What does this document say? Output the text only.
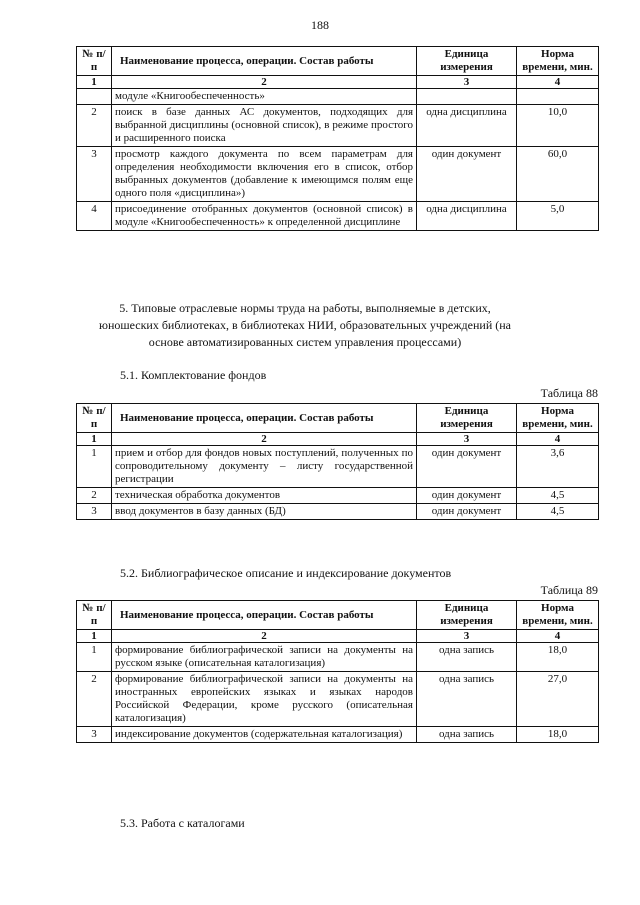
188
№ п/п	Наименование процесса, операции. Состав работы	Единица измерения	Норма времени, мин.
1	2	3	4
	модуле «Книгообеспеченность»		
2	поиск в базе данных АС документов, подходящих для выбранной дисциплины (основной список), в режиме простого и расширенного поиска	одна дисциплина	10,0
3	просмотр каждого документа по всем параметрам для определения необходимости включения его в список, отбор выбранных документов (добавление к имеющимся полям еще одного поля «дисциплина»)	один документ	60,0
4	присоединение отобранных документов (основной список) в модуле «Книгообеспеченность» к определенной дисциплине	одна дисциплина	5,0
5. Типовые отраслевые нормы труда на работы, выполняемые в детских, юношеских библиотеках, в библиотеках НИИ, образовательных учреждений (на основе автоматизированных систем управления процессами)
5.1. Комплектование фондов
Таблица 88
№ п/п	Наименование процесса, операции. Состав работы	Единица измерения	Норма времени, мин.
1	2	3	4
1	прием и отбор для фондов новых поступлений, полученных по сопроводительному документу – листу государственной регистрации	один документ	3,6
2	техническая обработка документов	один документ	4,5
3	ввод документов в базу данных (БД)	один документ	4,5
5.2. Библиографическое описание и индексирование документов
Таблица 89
№ п/п	Наименование процесса, операции. Состав работы	Единица измерения	Норма времени, мин.
1	2	3	4
1	формирование библиографической записи на документы на русском языке (описательная каталогизация)	одна запись	18,0
2	формирование библиографической записи на документы на иностранных европейских языках и языках народов Российской Федерации, кроме русского (описательная каталогизация)	одна запись	27,0
3	индексирование документов (содержательная каталогизация)	одна запись	18,0
5.3. Работа с каталогами
